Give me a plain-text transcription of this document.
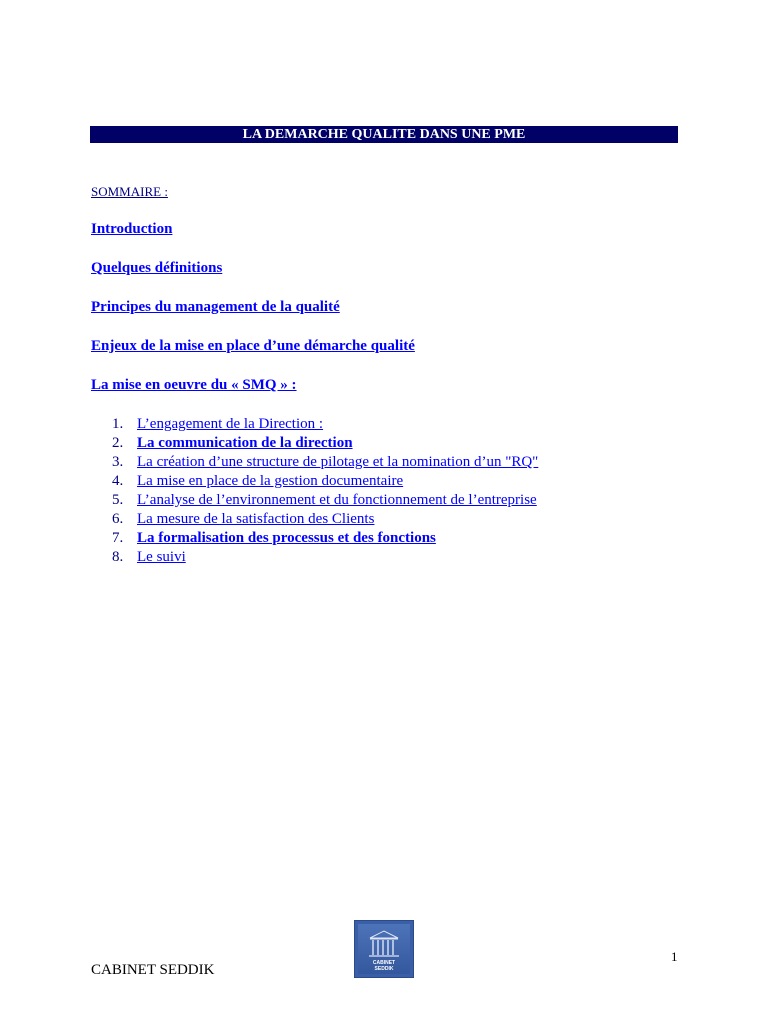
LA DEMARCHE QUALITE DANS UNE PME
SOMMAIRE :
Introduction
Quelques définitions
Principes du management de la qualité
Enjeux de la mise en place d’une démarche qualité
La mise en oeuvre du « SMQ » :
1. L’engagement de la Direction :
2. La communication de la direction
3. La création d’une structure de pilotage et la nomination d’un "RQ"
4. La mise en place de la gestion documentaire
5. L’analyse de l’environnement et du fonctionnement de l’entreprise
6. La mesure de la satisfaction des Clients
7. La formalisation des processus et des fonctions
8. Le suivi
CABINET
SEDDIK
CABINET SEDDIK
1
